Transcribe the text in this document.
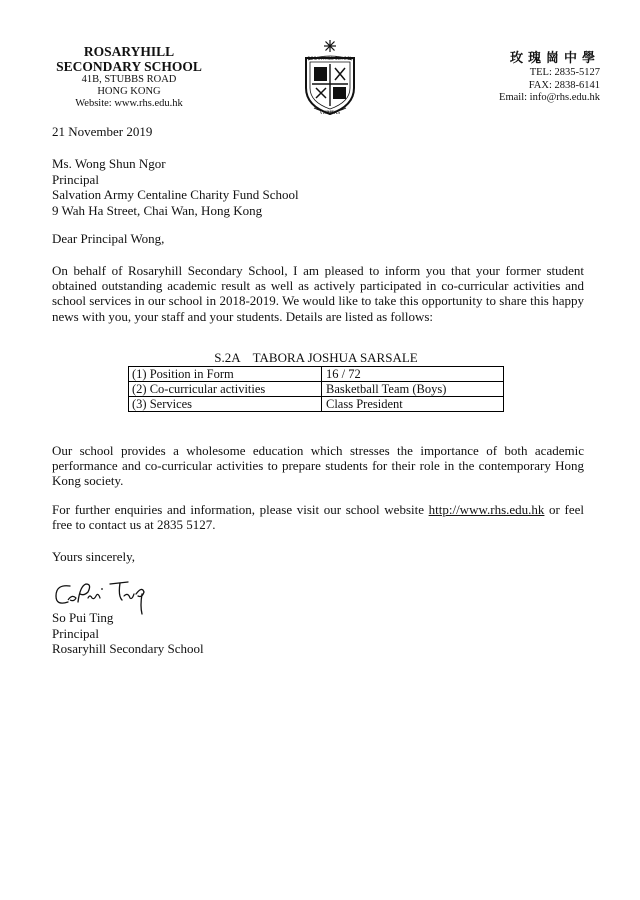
ROSARYHILL
SECONDARY SCHOOL
41B, STUBBS ROAD
HONG KONG
Website: www.rhs.edu.hk
ROSARYHILL SCHOOL
VERITAS
玫瑰崗中學
TEL: 2835-5127
FAX: 2838-6141
Email: info@rhs.edu.hk
21 November 2019
Ms. Wong Shun Ngor
Principal
Salvation Army Centaline Charity Fund School
9 Wah Ha Street, Chai Wan, Hong Kong
Dear Principal Wong,
On behalf of Rosaryhill Secondary School, I am pleased to inform you that your former student obtained outstanding academic result as well as actively participated in co-curricular activities and school services in our school in 2018-2019. We would like to take this opportunity to share this happy news with you, your staff and your students. Details are listed as follows:
S.2A TABORA JOSHUA SARSALE
(1) Position in Form	16 / 72
(2) Co-curricular activities	Basketball Team (Boys)
(3) Services	Class President
Our school provides a wholesome education which stresses the importance of both academic performance and co-curricular activities to prepare students for their role in the contemporary Hong Kong society.
For further enquiries and information, please visit our school website http://www.rhs.edu.hk or feel free to contact us at 2835 5127.
Yours sincerely,
So Pui Ting
Principal
Rosaryhill Secondary School
